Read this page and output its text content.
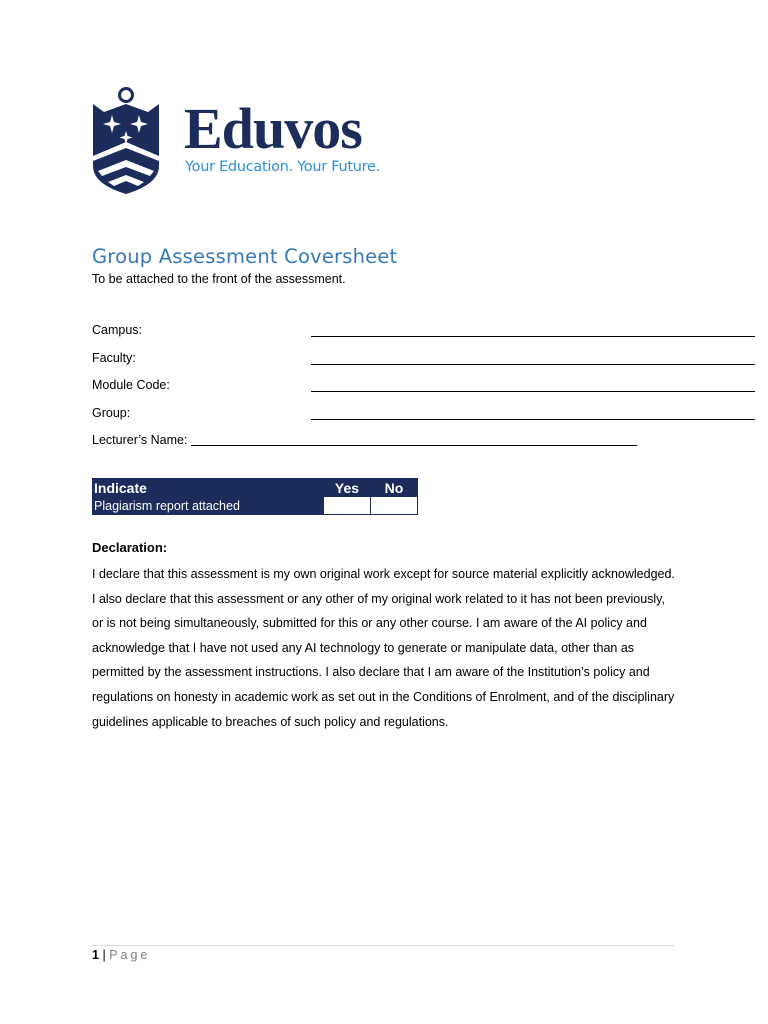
Eduvos
Your Education. Your Future.
Group Assessment Coversheet
To be attached to the front of the assessment.
Campus:
Faculty:
Module Code:
Group:
Lecturer’s Name:
Indicate	Yes	No
Plagiarism report attached		
Declaration:
I declare that this assessment is my own original work except for source material explicitly acknowledged. I also declare that this assessment or any other of my original work related to it has not been previously, or is not being simultaneously, submitted for this or any other course. I am aware of the AI policy and acknowledge that I have not used any AI technology to generate or manipulate data, other than as permitted by the assessment instructions. I also declare that I am aware of the Institution’s policy and regulations on honesty in academic work as set out in the Conditions of Enrolment, and of the disciplinary guidelines applicable to breaches of such policy and regulations.
1 | Page
